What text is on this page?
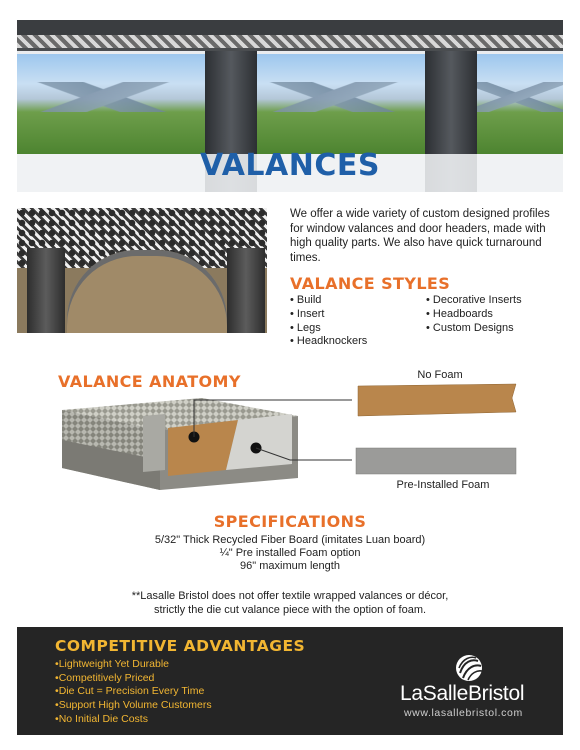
VALANCES

We offer a wide variety of custom designed profiles for window valances and door headers, made with high quality parts. We also have quick turnaround times.

VALANCE STYLES
• Build
• Insert
• Legs
• Headknockers
• Decorative Inserts
• Headboards
• Custom Designs
VALANCE ANATOMY	No Foam
Pre-Installed Foam
SPECIFICATIONS
5/32" Thick Recycled Fiber Board (imitates Luan board)
¼" Pre installed Foam option
96" maximum length
**Lasalle Bristol does not offer textile wrapped valances or décor,
strictly the die cut valance piece with the option of foam.
COMPETITIVE ADVANTAGES
• Lightweight Yet Durable
• Competitively Priced
• Die Cut = Precision Every Time
• Support High Volume Customers
• No Initial Die Costs
LaSalleBristol
www.lasallebristol.com
